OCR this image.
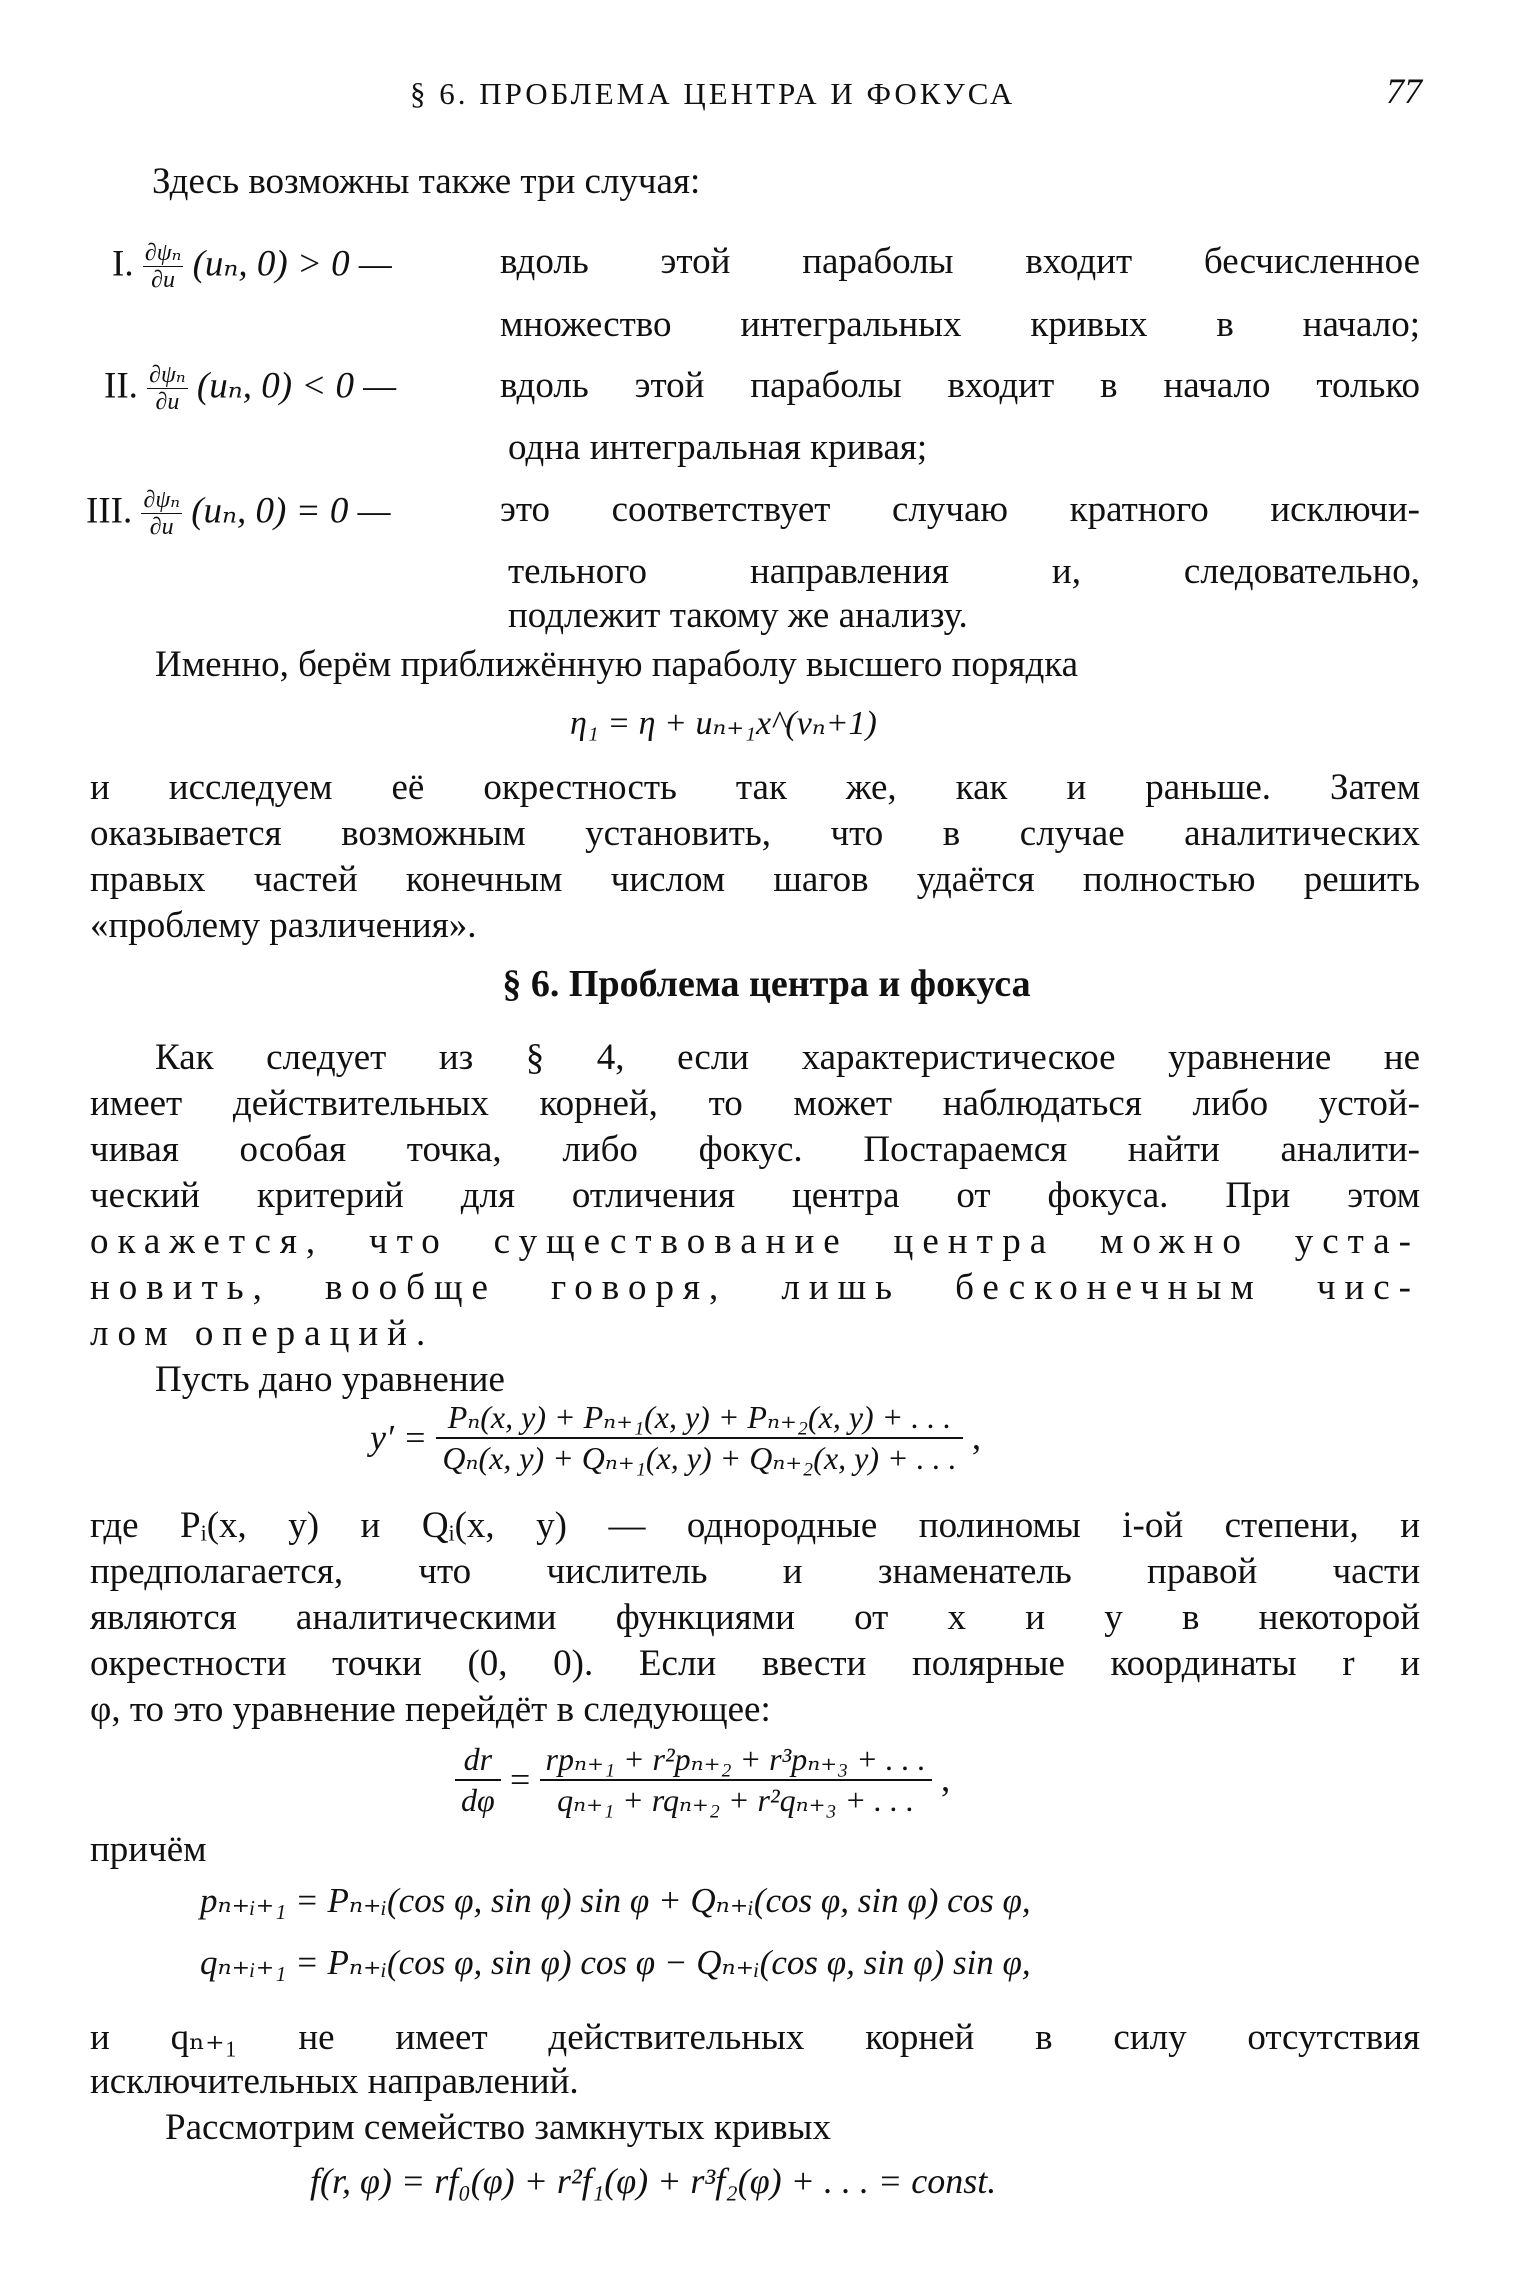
§ 6. ПРОБЛЕМА ЦЕНТРА И ФОКУСА	77
Здесь возможны также три случая:
I. $\frac{\text{∂ψₙ}}{\partial u} (u_n$, 0) > 0 —	вдоль этой параболы входит бесчисленное
множество интегральных кривых в начало;
II. $\frac{\text{∂ψₙ}}{\partial u} (u_n$, 0) < 0 —	вдоль этой параболы входит в начало только
одна интегральная кривая;
III. $\frac{\text{∂ψₙ}}{\partial u} (u_n$, 0) = 0 —	это соответствует случаю кратного исключи-
тельного направления и, следовательно,
подлежит такому же анализу.
Именно, берём приближённую параболу высшего порядка
η₁ = η + uₙ₊₁x^(νₙ+1)
и исследуем её окрестность так же, как и раньше. Затем
оказывается возможным установить, что в случае аналитических
правых частей конечным числом шагов удаётся полностью решить
«проблему различения».
§ 6. Проблема центра и фокуса
Как следует из § 4, если характеристическое уравнение не
имеет действительных корней, то может наблюдаться либо устой-
чивая особая точка, либо фокус. Постараемся найти аналити-
ческий критерий для отличения центра от фокуса. При этом
окажется, что существование центра можно уста-
новить, вообще говоря, лишь бесконечным чис-
лом операций.
Пусть дано уравнение
$y' = \frac{\text{Pₙ(x, y) + Pₙ₊₁(x, y) + Pₙ₊₂(x, y) + . . .}}{\text{Qₙ(x, y) + Qₙ₊₁(x, y) + Qₙ₊₂(x, y) + . . .}}$ ,
где Pᵢ(x, y) и Qᵢ(x, y) — однородные полиномы i-ой степени, и
предполагается, что числитель и знаменатель правой части
являются аналитическими функциями от x и y в некоторой
окрестности точки (0, 0). Если ввести полярные координаты r и
φ, то это уравнение перейдёт в следующее:
$\frac{dr}{d\varphi}$ =
rpₙ₊₁ + r²pₙ₊₂ + r³pₙ₊₃ + . . .
qₙ₊₁ + rqₙ₊₂ + r²qₙ₊₃ + . . .
,
причём
pₙ₊ᵢ₊₁ = Pₙ₊ᵢ(cos φ, sin φ) sin φ + Qₙ₊ᵢ(cos φ, sin φ) cos φ,
qₙ₊ᵢ₊₁ = Pₙ₊ᵢ(cos φ, sin φ) cos φ − Qₙ₊ᵢ(cos φ, sin φ) sin φ,
и qₙ₊₁ не имеет действительных корней в силу отсутствия
исключительных направлений.
Рассмотрим семейство замкнутых кривых
f(r, φ) = rf₀(φ) + r²f₁(φ) + r³f₂(φ) + . . . = const.
